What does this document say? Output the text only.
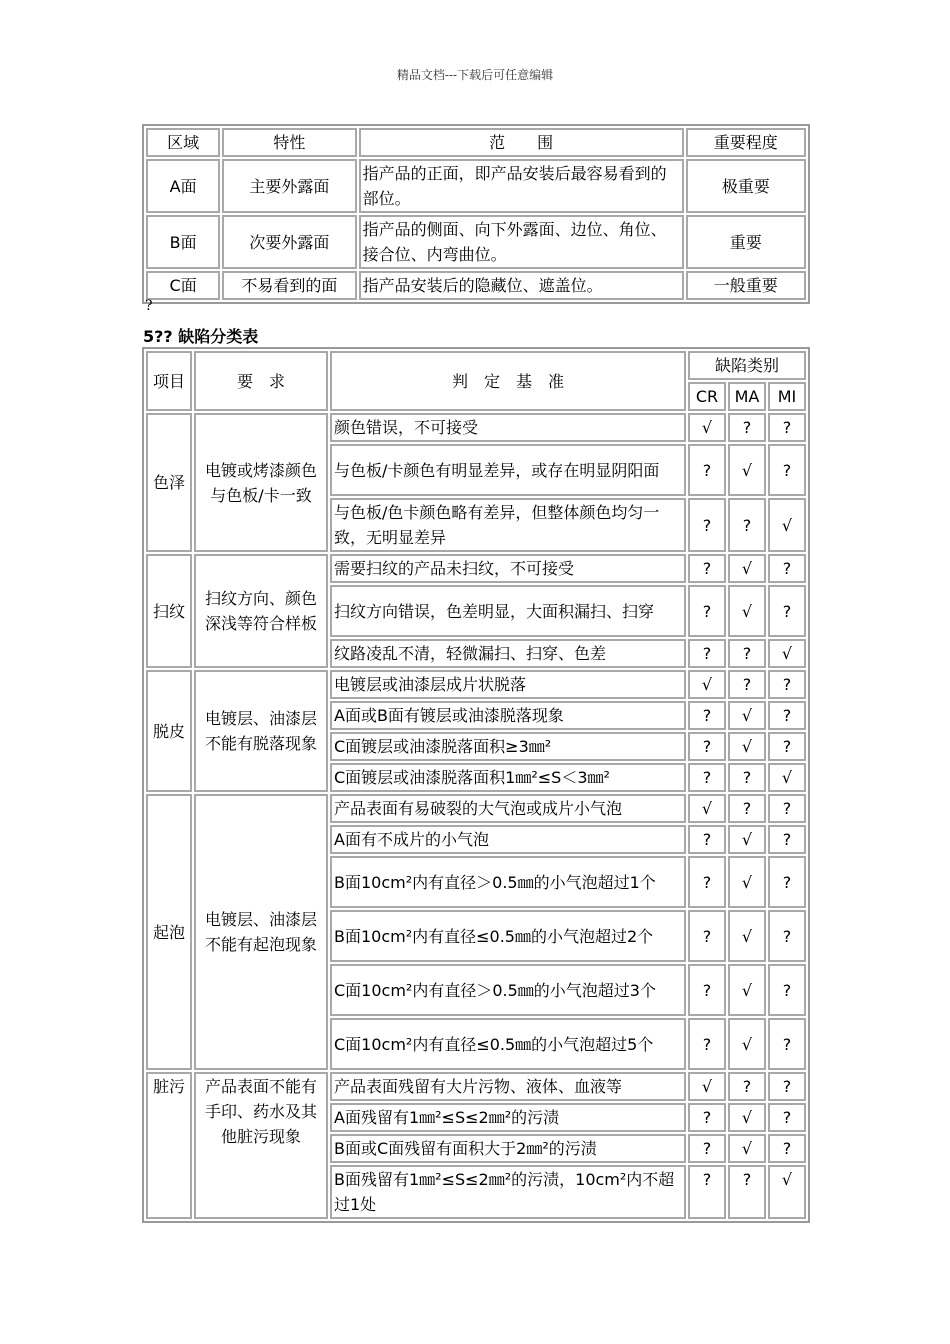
精品文档---下载后可任意编辑
区域	特性	范　　围	重要程度
A面	主要外露面	指产品的正面，即产品安装后最容易看到的部位。	极重要
B面	次要外露面	指产品的侧面、向下外露面、边位、角位、接合位、内弯曲位。	重要
C面	不易看到的面	指产品安装后的隐藏位、遮盖位。	一般重要
?
5?? 缺陷分类表
项目	要　求	判　定　基　准	缺陷类别		
			CR	MA	MI
色泽	电镀或烤漆颜色与色板/卡一致	颜色错误，不可接受	√	?	?
		与色板/卡颜色有明显差异，或存在明显阴阳面	?	√	?
		与色板/色卡颜色略有差异，但整体颜色均匀一致，无明显差异	?	?	√
扫纹	扫纹方向、颜色深浅等符合样板	需要扫纹的产品未扫纹，不可接受	?	√	?
		扫纹方向错误，色差明显，大面积漏扫、扫穿	?	√	?
		纹路凌乱不清，轻微漏扫、扫穿、色差	?	?	√
脱皮	电镀层、油漆层不能有脱落现象	电镀层或油漆层成片状脱落	√	?	?
		A面或B面有镀层或油漆脱落现象	?	√	?
		C面镀层或油漆脱落面积≥3㎜²	?	√	?
		C面镀层或油漆脱落面积1㎜²≤S＜3㎜²	?	?	√
起泡	电镀层、油漆层不能有起泡现象	产品表面有易破裂的大气泡或成片小气泡	√	?	?
		A面有不成片的小气泡	?	√	?
		B面10cm²内有直径＞0.5㎜的小气泡超过1个	?	√	?
		B面10cm²内有直径≤0.5㎜的小气泡超过2个	?	√	?
		C面10cm²内有直径＞0.5㎜的小气泡超过3个	?	√	?
		C面10cm²内有直径≤0.5㎜的小气泡超过5个	?	√	?
脏污	产品表面不能有手印、药水及其他脏污现象	产品表面残留有大片污物、液体、血液等	√	?	?
		A面残留有1㎜²≤S≤2㎜²的污渍	?	√	?
		B面或C面残留有面积大于2㎜²的污渍	?	√	?
		B面残留有1㎜²≤S≤2㎜²的污渍，10cm²内不超过1处	?	?	√
